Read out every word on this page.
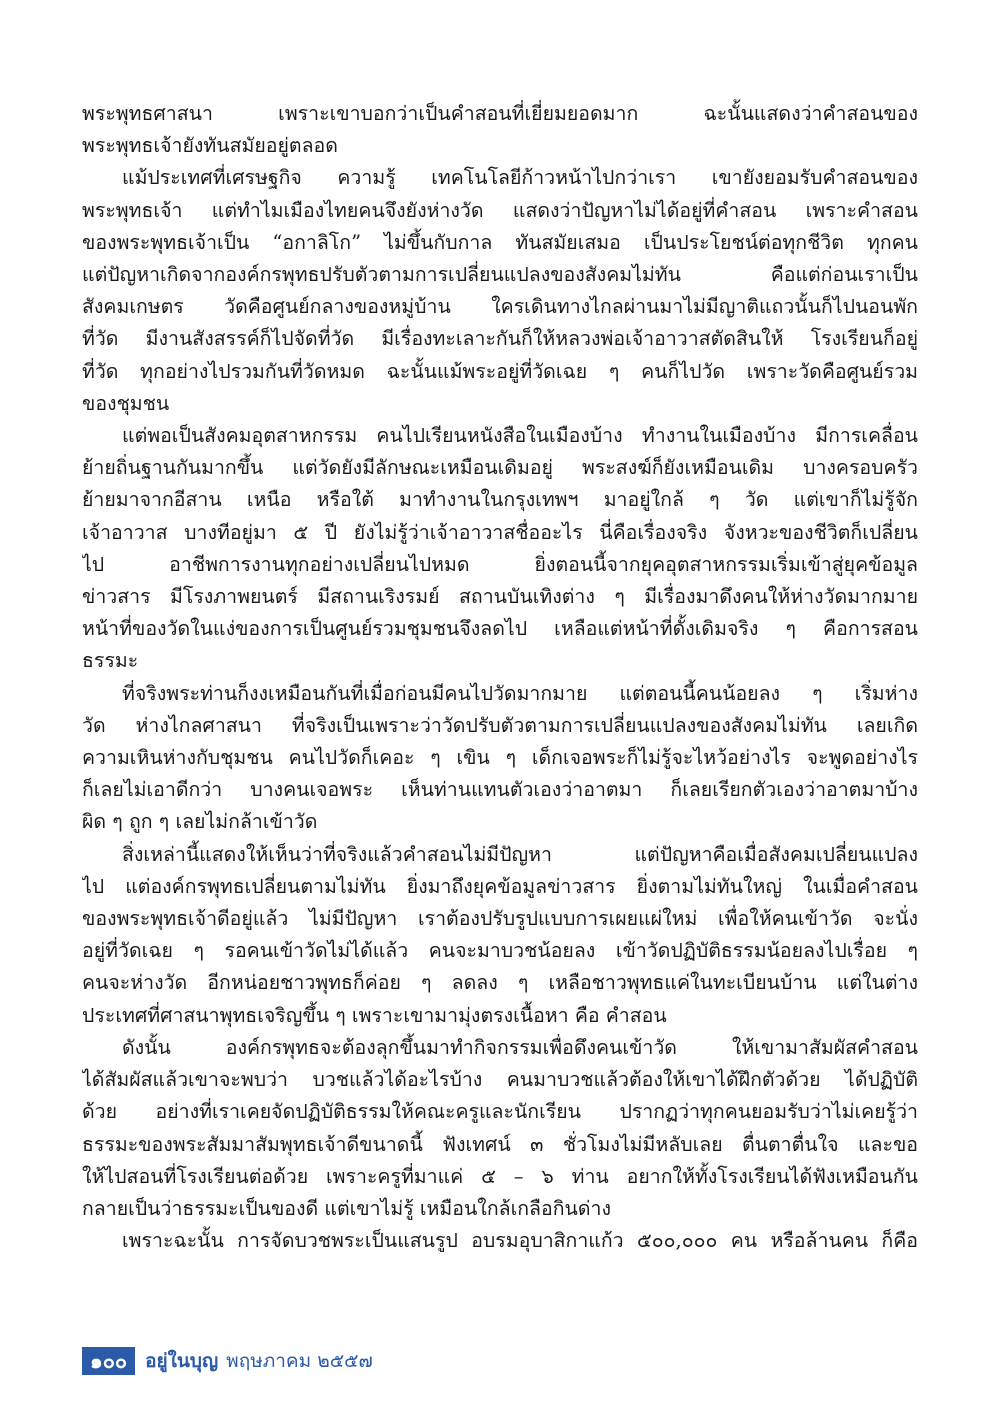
พระพุทธศาสนา เพราะเขาบอกว่าเป็นคำสอนที่เยี่ยมยอดมาก ฉะนั้นแสดงว่าคำสอนของ
พระพุทธเจ้ายังทันสมัยอยู่ตลอด
แม้ประเทศที่เศรษฐกิจ ความรู้ เทคโนโลยีก้าวหน้าไปกว่าเรา เขายังยอมรับคำสอนของ
พระพุทธเจ้า แต่ทำไมเมืองไทยคนจึงยังห่างวัด แสดงว่าปัญหาไม่ได้อยู่ที่คำสอน เพราะคำสอน
ของพระพุทธเจ้าเป็น “อกาลิโก” ไม่ขึ้นกับกาล ทันสมัยเสมอ เป็นประโยชน์ต่อทุกชีวิต ทุกคน
แต่ปัญหาเกิดจากองค์กรพุทธปรับตัวตามการเปลี่ยนแปลงของสังคมไม่ทัน คือแต่ก่อนเราเป็น
สังคมเกษตร วัดคือศูนย์กลางของหมู่บ้าน ใครเดินทางไกลผ่านมาไม่มีญาติแถวนั้นก็ไปนอนพัก
ที่วัด มีงานสังสรรค์ก็ไปจัดที่วัด มีเรื่องทะเลาะกันก็ให้หลวงพ่อเจ้าอาวาสตัดสินให้ โรงเรียนก็อยู่
ที่วัด ทุกอย่างไปรวมกันที่วัดหมด ฉะนั้นแม้พระอยู่ที่วัดเฉย ๆ คนก็ไปวัด เพราะวัดคือศูนย์รวม
ของชุมชน
แต่พอเป็นสังคมอุตสาหกรรม คนไปเรียนหนังสือในเมืองบ้าง ทำงานในเมืองบ้าง มีการเคลื่อน
ย้ายถิ่นฐานกันมากขึ้น แต่วัดยังมีลักษณะเหมือนเดิมอยู่ พระสงฆ์ก็ยังเหมือนเดิม บางครอบครัว
ย้ายมาจากอีสาน เหนือ หรือใต้ มาทำงานในกรุงเทพฯ มาอยู่ใกล้ ๆ วัด แต่เขาก็ไม่รู้จัก
เจ้าอาวาส บางทีอยู่มา ๕ ปี ยังไม่รู้ว่าเจ้าอาวาสชื่ออะไร นี่คือเรื่องจริง จังหวะของชีวิตก็เปลี่ยน
ไป อาชีพการงานทุกอย่างเปลี่ยนไปหมด ยิ่งตอนนี้จากยุคอุตสาหกรรมเริ่มเข้าสู่ยุคข้อมูล
ข่าวสาร มีโรงภาพยนตร์ มีสถานเริงรมย์ สถานบันเทิงต่าง ๆ มีเรื่องมาดึงคนให้ห่างวัดมากมาย
หน้าที่ของวัดในแง่ของการเป็นศูนย์รวมชุมชนจึงลดไป เหลือแต่หน้าที่ดั้งเดิมจริง ๆ คือการสอน
ธรรมะ
ที่จริงพระท่านก็งงเหมือนกันที่เมื่อก่อนมีคนไปวัดมากมาย แต่ตอนนี้คนน้อยลง ๆ เริ่มห่าง
วัด ห่างไกลศาสนา ที่จริงเป็นเพราะว่าวัดปรับตัวตามการเปลี่ยนแปลงของสังคมไม่ทัน เลยเกิด
ความเหินห่างกับชุมชน คนไปวัดก็เคอะ ๆ เขิน ๆ เด็กเจอพระก็ไม่รู้จะไหว้อย่างไร จะพูดอย่างไร
ก็เลยไม่เอาดีกว่า บางคนเจอพระ เห็นท่านแทนตัวเองว่าอาตมา ก็เลยเรียกตัวเองว่าอาตมาบ้าง
ผิด ๆ ถูก ๆ เลยไม่กล้าเข้าวัด
สิ่งเหล่านี้แสดงให้เห็นว่าที่จริงแล้วคำสอนไม่มีปัญหา แต่ปัญหาคือเมื่อสังคมเปลี่ยนแปลง
ไป แต่องค์กรพุทธเปลี่ยนตามไม่ทัน ยิ่งมาถึงยุคข้อมูลข่าวสาร ยิ่งตามไม่ทันใหญ่ ในเมื่อคำสอน
ของพระพุทธเจ้าดีอยู่แล้ว ไม่มีปัญหา เราต้องปรับรูปแบบการเผยแผ่ใหม่ เพื่อให้คนเข้าวัด จะนั่ง
อยู่ที่วัดเฉย ๆ รอคนเข้าวัดไม่ได้แล้ว คนจะมาบวชน้อยลง เข้าวัดปฏิบัติธรรมน้อยลงไปเรื่อย ๆ
คนจะห่างวัด อีกหน่อยชาวพุทธก็ค่อย ๆ ลดลง ๆ เหลือชาวพุทธแค่ในทะเบียนบ้าน แต่ในต่าง
ประเทศที่ศาสนาพุทธเจริญขึ้น ๆ เพราะเขามามุ่งตรงเนื้อหา คือ คำสอน
ดังนั้น องค์กรพุทธจะต้องลุกขึ้นมาทำกิจกรรมเพื่อดึงคนเข้าวัด ให้เขามาสัมผัสคำสอน
ได้สัมผัสแล้วเขาจะพบว่า บวชแล้วได้อะไรบ้าง คนมาบวชแล้วต้องให้เขาได้ฝึกตัวด้วย ได้ปฏิบัติ
ด้วย อย่างที่เราเคยจัดปฏิบัติธรรมให้คณะครูและนักเรียน ปรากฏว่าทุกคนยอมรับว่าไม่เคยรู้ว่า
ธรรมะของพระสัมมาสัมพุทธเจ้าดีขนาดนี้ ฟังเทศน์ ๓ ชั่วโมงไม่มีหลับเลย ตื่นตาตื่นใจ และขอ
ให้ไปสอนที่โรงเรียนต่อด้วย เพราะครูที่มาแค่ ๕ – ๖ ท่าน อยากให้ทั้งโรงเรียนได้ฟังเหมือนกัน
กลายเป็นว่าธรรมะเป็นของดี แต่เขาไม่รู้ เหมือนใกล้เกลือกินด่าง
เพราะฉะนั้น การจัดบวชพระเป็นแสนรูป อบรมอุบาสิกาแก้ว ๕๐๐,๐๐๐ คน หรือล้านคน ก็คือ
๑๐๐ อยู่ในบุญ พฤษภาคม ๒๕๕๗
